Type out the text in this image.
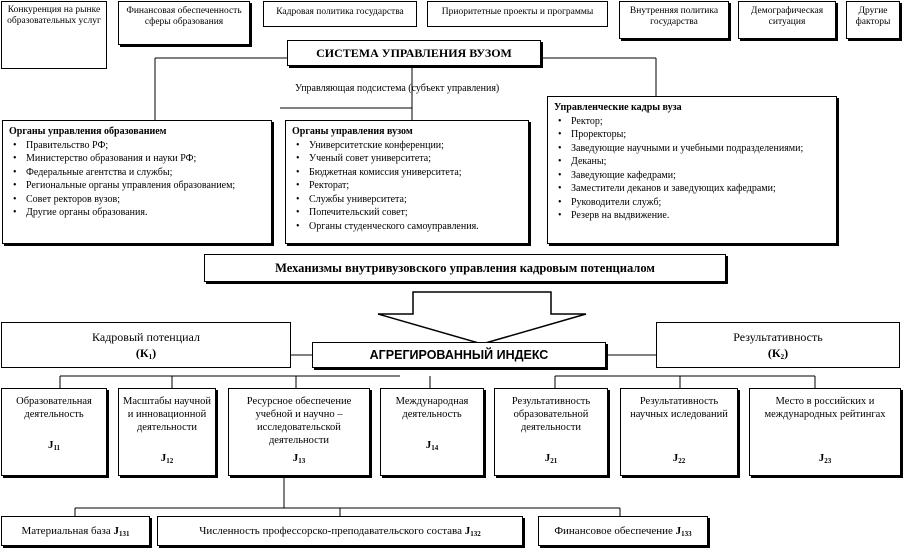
Конкуренция на рынке образовательных услуг
Финансовая обеспеченность сферы образования
Кадровая политика государства	Приоритетные проекты и программы	Внутренняя политика государства
Демографическая ситуация
Другие факторы
СИСТЕМА УПРАВЛЕНИЯ ВУЗОМ
Управляющая подсистема (субъект управления)
Органы управления образованием
• Правительство РФ;
• Министерство образования и науки РФ;
• Федеральные агентства и службы;
• Региональные органы управления образованием;
• Совет ректоров вузов;
• Другие органы образования.
Органы управления вузом
• Университетские конференции;
• Ученый совет университета;
• Бюджетная комиссия университета;
• Ректорат;
• Службы университета;
• Попечительский совет;
• Органы студенческого самоуправления.
Управленческие кадры вуза
• Ректор;
• Проректоры;
• Заведующие научными и учебными подразделениями;
• Деканы;
• Заведующие кафедрами;
• Заместители деканов и заведующих кафедрами;
• Руководители служб;
• Резерв на выдвижение.
Механизмы внутривузовского управления кадровым потенциалом
Кадровый потенциал
$(К_1)$	АГРЕГИРОВАННЫЙ ИНДЕКС
Результативность
$(К_2)$
Образовательная деятельность
$J_{11}$
Масштабы научной и инновационной деятельности
$J_{12}$
Ресурсное обеспечение учебной и научно – исследовательской деятельности
$J_{13}$
Международная деятельность
$J_{14}$
Результативность образовательной деятельности
$J_{21}$
Результативность научных иследований
$J_{22}$
Место в российских и международных рейтингах
$J_{23}$
Материальная база $J_{131}$	Численность профессорско-преподавательского состава $J_{132}$	Финансовое обеспечение $J_{133}$
